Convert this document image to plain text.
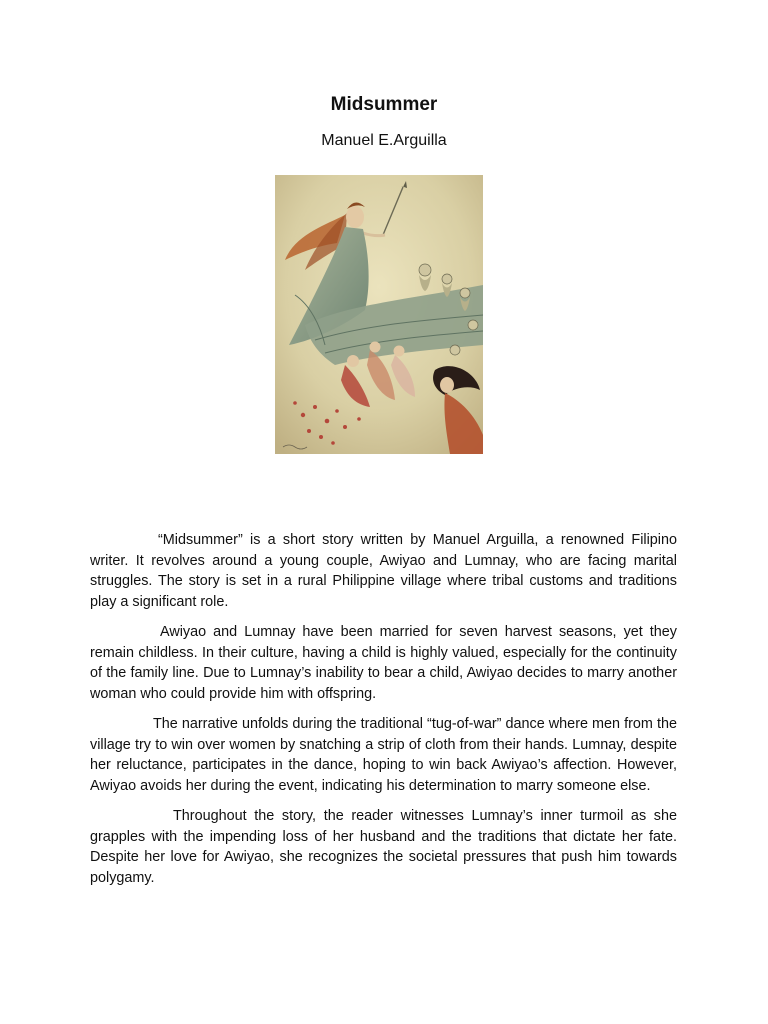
Midsummer
Manuel E.Arguilla

“Midsummer” is a short story written by Manuel Arguilla, a renowned Filipino writer. It revolves around a young couple, Awiyao and Lumnay, who are facing marital struggles. The story is set in a rural Philippine village where tribal customs and traditions play a significant role.

Awiyao and Lumnay have been married for seven harvest seasons, yet they remain childless. In their culture, having a child is highly valued, especially for the continuity of the family line. Due to Lumnay’s inability to bear a child, Awiyao decides to marry another woman who could provide him with offspring.

The narrative unfolds during the traditional “tug-of-war” dance where men from the village try to win over women by snatching a strip of cloth from their hands. Lumnay, despite her reluctance, participates in the dance, hoping to win back Awiyao’s affection. However, Awiyao avoids her during the event, indicating his determination to marry someone else.

Throughout the story, the reader witnesses Lumnay’s inner turmoil as she grapples with the impending loss of her husband and the traditions that dictate her fate. Despite her love for Awiyao, she recognizes the societal pressures that push him towards polygamy.
